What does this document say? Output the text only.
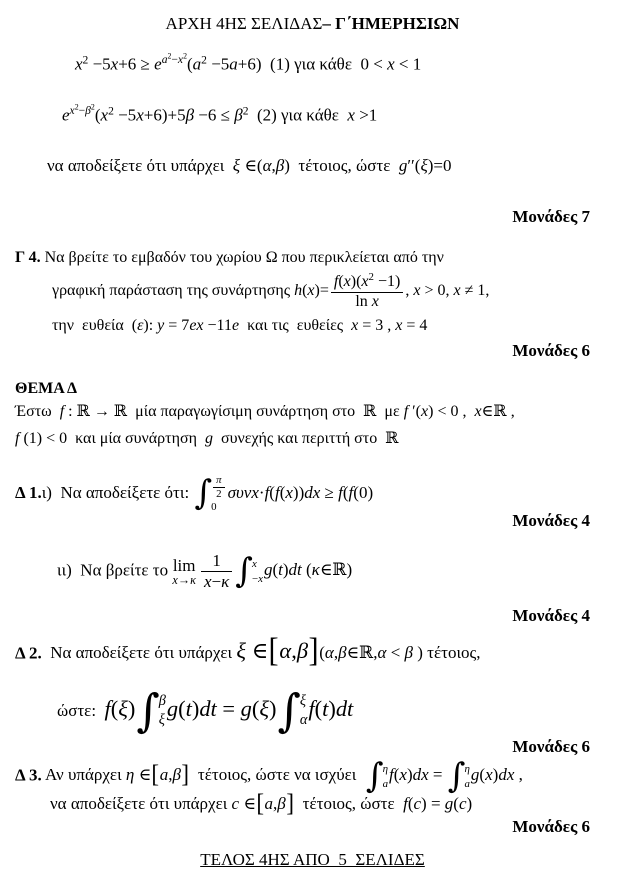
ΑΡΧΗ 4ΗΣ ΣΕΛΙΔΑΣ– Γ΄ΗΜΕΡΗΣΙΩΝ
$x^2 -5x+6 \ge e^{a^2-x^2}(a^2 -5a+6)$  (1) για κάθε  0 < x < 1
$e^{x^2-\beta^2}(x^2 -5x+6)+5\beta -6 \le \beta^2$  (2) για κάθε  x >1
να αποδείξετε ότι υπάρχει  ξ ∈(α,β)  τέτοιος, ώστε  g′′(ξ)=0
Μονάδες 7
Γ 4. Να βρείτε το εμβαδόν του χωρίου Ω που περικλείεται από την
γραφική παράσταση της συνάρτησης $h(x)= \frac{f(x)(x^2 -1)}{\text{ln x}}$ , x > 0, x ≠ 1,
την  ευθεία  (ε): y = 7ex −11e  και τις  ευθείες  x = 3 , x = 4
Μονάδες 6
ΘΕΜΑ Δ
Έστω  f : ℝ → ℝ  μία παραγωγίσιμη συνάρτηση στο  ℝ  με f ′(x) < 0 ,  x∈ℝ ,
f (1) < 0  και μία συνάρτηση  g  συνεχής και περιττή στο  ℝ
Δ 1.ι)  Να αποδείξετε ότι: ∫ $\frac{\pi}{2}$
0
συνx·f(f(x))dx ≥ f(f(0)
Μονάδες 4
ιι)  Να βρείτε το lim
$x\to\kappa \frac{1}{x-\kappa}$ ∫ x
−x g(t)dt (κ∈ℝ)
Μονάδες 4
Δ 2.  Να αποδείξετε ότι υπάρχει ξ ∈[α,β](α,β∈ℝ,α < β ) τέτοιος,
ώστε:  f(ξ) ∫ β
ξ g(t)dt = g(ξ) ∫ ξ
α f(t)dt
Μονάδες 6
Δ 3. Αν υπάρχει η ∈[a,β]  τέτοιος, ώστε να ισχύει ∫ η
a f(x)dx = ∫ η
a g(x)dx ,
να αποδείξετε ότι υπάρχει c ∈[a,β]  τέτοιος, ώστε  f(c) = g(c)
Μονάδες 6
ΤΕΛΟΣ 4ΗΣ ΑΠΟ  5  ΣΕΛΙΔΕΣ
